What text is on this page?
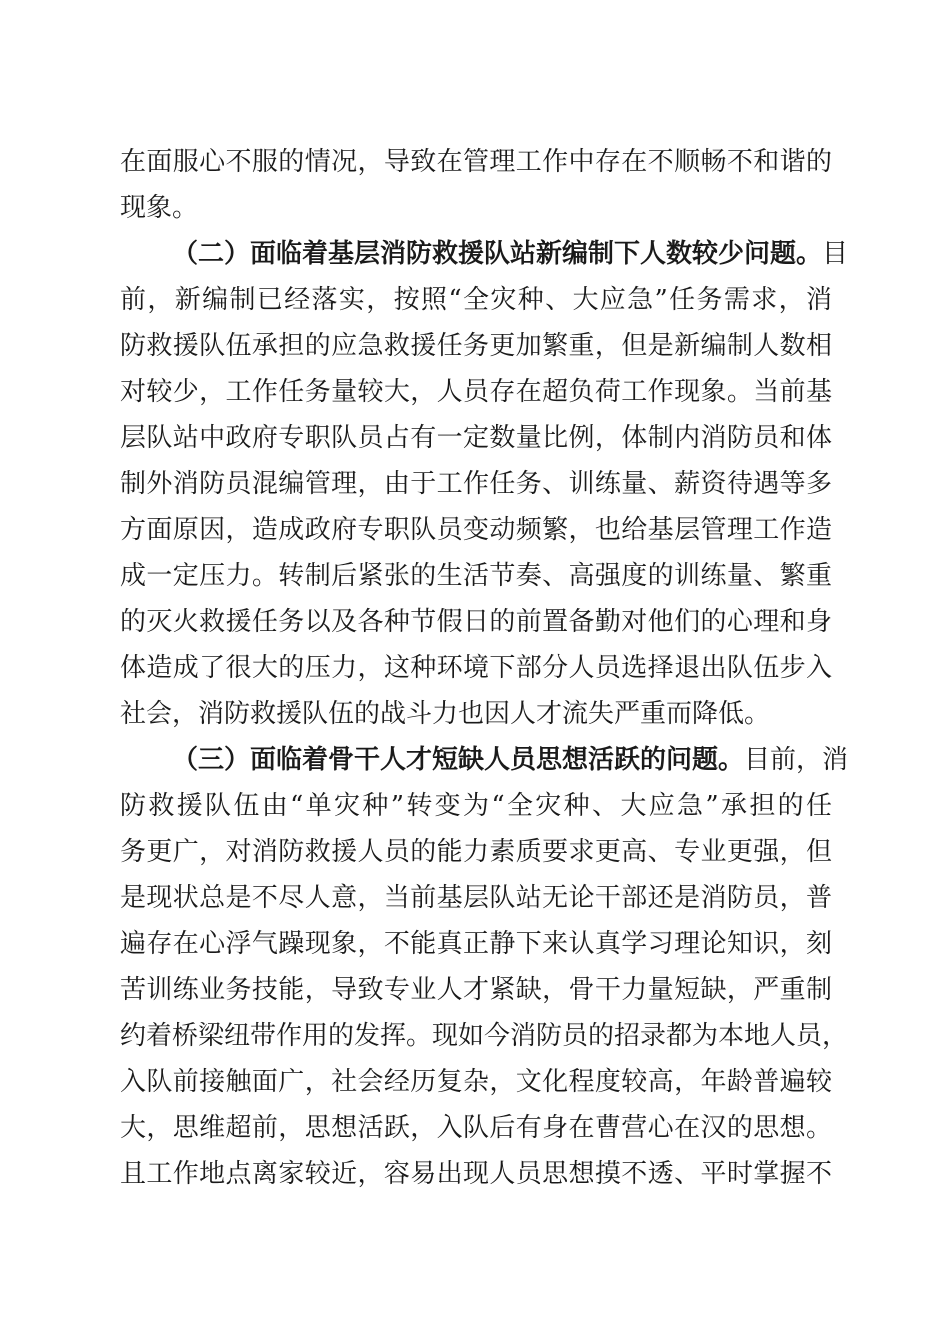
在面服心不服的情况，导致在管理工作中存在不顺畅不和谐的

现象。

（二）面临着基层消防救援队站新编制下人数较少问题。目

前，新编制已经落实，按照“全灾种、大应急”任务需求，消

防救援队伍承担的应急救援任务更加繁重，但是新编制人数相

对较少，工作任务量较大，人员存在超负荷工作现象。当前基

层队站中政府专职队员占有一定数量比例，体制内消防员和体

制外消防员混编管理，由于工作任务、训练量、薪资待遇等多

方面原因，造成政府专职队员变动频繁，也给基层管理工作造

成一定压力。转制后紧张的生活节奏、高强度的训练量、繁重

的灭火救援任务以及各种节假日的前置备勤对他们的心理和身

体造成了很大的压力，这种环境下部分人员选择退出队伍步入

社会，消防救援队伍的战斗力也因人才流失严重而降低。

（三）面临着骨干人才短缺人员思想活跃的问题。目前，消

防救援队伍由“单灾种”转变为“全灾种、大应急”承担的任

务更广，对消防救援人员的能力素质要求更高、专业更强，但

是现状总是不尽人意，当前基层队站无论干部还是消防员，普

遍存在心浮气躁现象，不能真正静下来认真学习理论知识，刻

苦训练业务技能，导致专业人才紧缺，骨干力量短缺，严重制

约着桥梁纽带作用的发挥。现如今消防员的招录都为本地人员，

入队前接触面广，社会经历复杂，文化程度较高，年龄普遍较

大，思维超前，思想活跃，入队后有身在曹营心在汉的思想。

且工作地点离家较近，容易出现人员思想摸不透、平时掌握不
